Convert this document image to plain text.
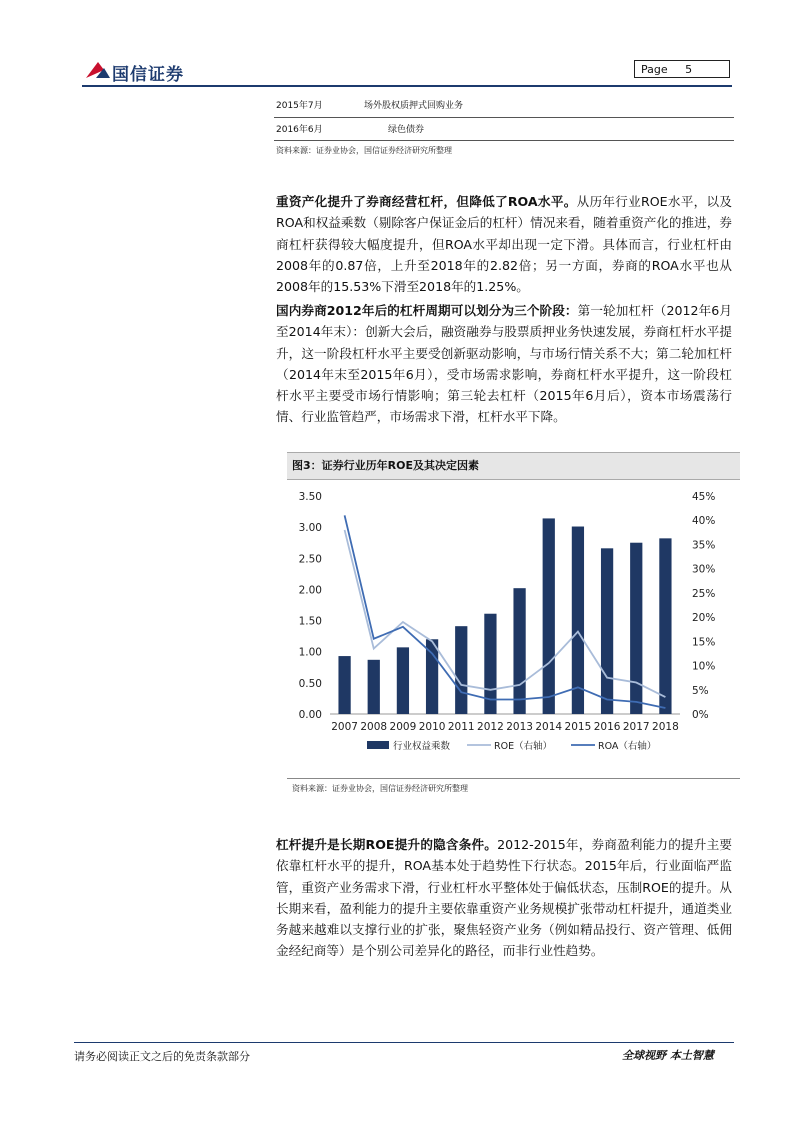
国信证券	Page 5
2015年7月	场外股权质押式回购业务
2016年6月	绿色债券
资料来源：证券业协会，国信证券经济研究所整理
重资产化提升了券商经营杠杆，但降低了ROA水平。从历年行业ROE水平，以及ROA和权益乘数（剔除客户保证金后的杠杆）情况来看，随着重资产化的推进，券商杠杆获得较大幅度提升，但ROA水平却出现一定下滑。具体而言，行业杠杆由2008年的0.87倍，上升至2018年的2.82倍；另一方面，券商的ROA水平也从2008年的15.53%下滑至2018年的1.25%。
国内券商2012年后的杠杆周期可以划分为三个阶段：第一轮加杠杆（2012年6月至2014年末）：创新大会后，融资融券与股票质押业务快速发展，券商杠杆水平提升，这一阶段杠杆水平主要受创新驱动影响，与市场行情关系不大；第二轮加杠杆（2014年末至2015年6月），受市场需求影响，券商杠杆水平提升，这一阶段杠杆水平主要受市场行情影响；第三轮去杠杆（2015年6月后），资本市场震荡行情、行业监管趋严，市场需求下滑，杠杆水平下降。
图3：证券行业历年ROE及其决定因素
0.00
0.50
1.00
1.50
2.00
2.50
3.00
3.50
0%
5%
10%
15%
20%
25%
30%
35%
40%
45%
2007 2008 2009 2010 2011 2012 2013 2014 2015 2016 2017 2018
行业权益乘数	ROE（右轴）	ROA（右轴）
资料来源：证券业协会，国信证券经济研究所整理
杠杆提升是长期ROE提升的隐含条件。2012-2015年，券商盈利能力的提升主要依靠杠杆水平的提升，ROA基本处于趋势性下行状态。2015年后，行业面临严监管，重资产业务需求下滑，行业杠杆水平整体处于偏低状态，压制ROE的提升。从长期来看，盈利能力的提升主要依靠重资产业务规模扩张带动杠杆提升，通道类业务越来越难以支撑行业的扩张，聚焦轻资产业务（例如精品投行、资产管理、低佣金经纪商等）是个别公司差异化的路径，而非行业性趋势。
请务必阅读正文之后的免责条款部分	全球视野 本土智慧
